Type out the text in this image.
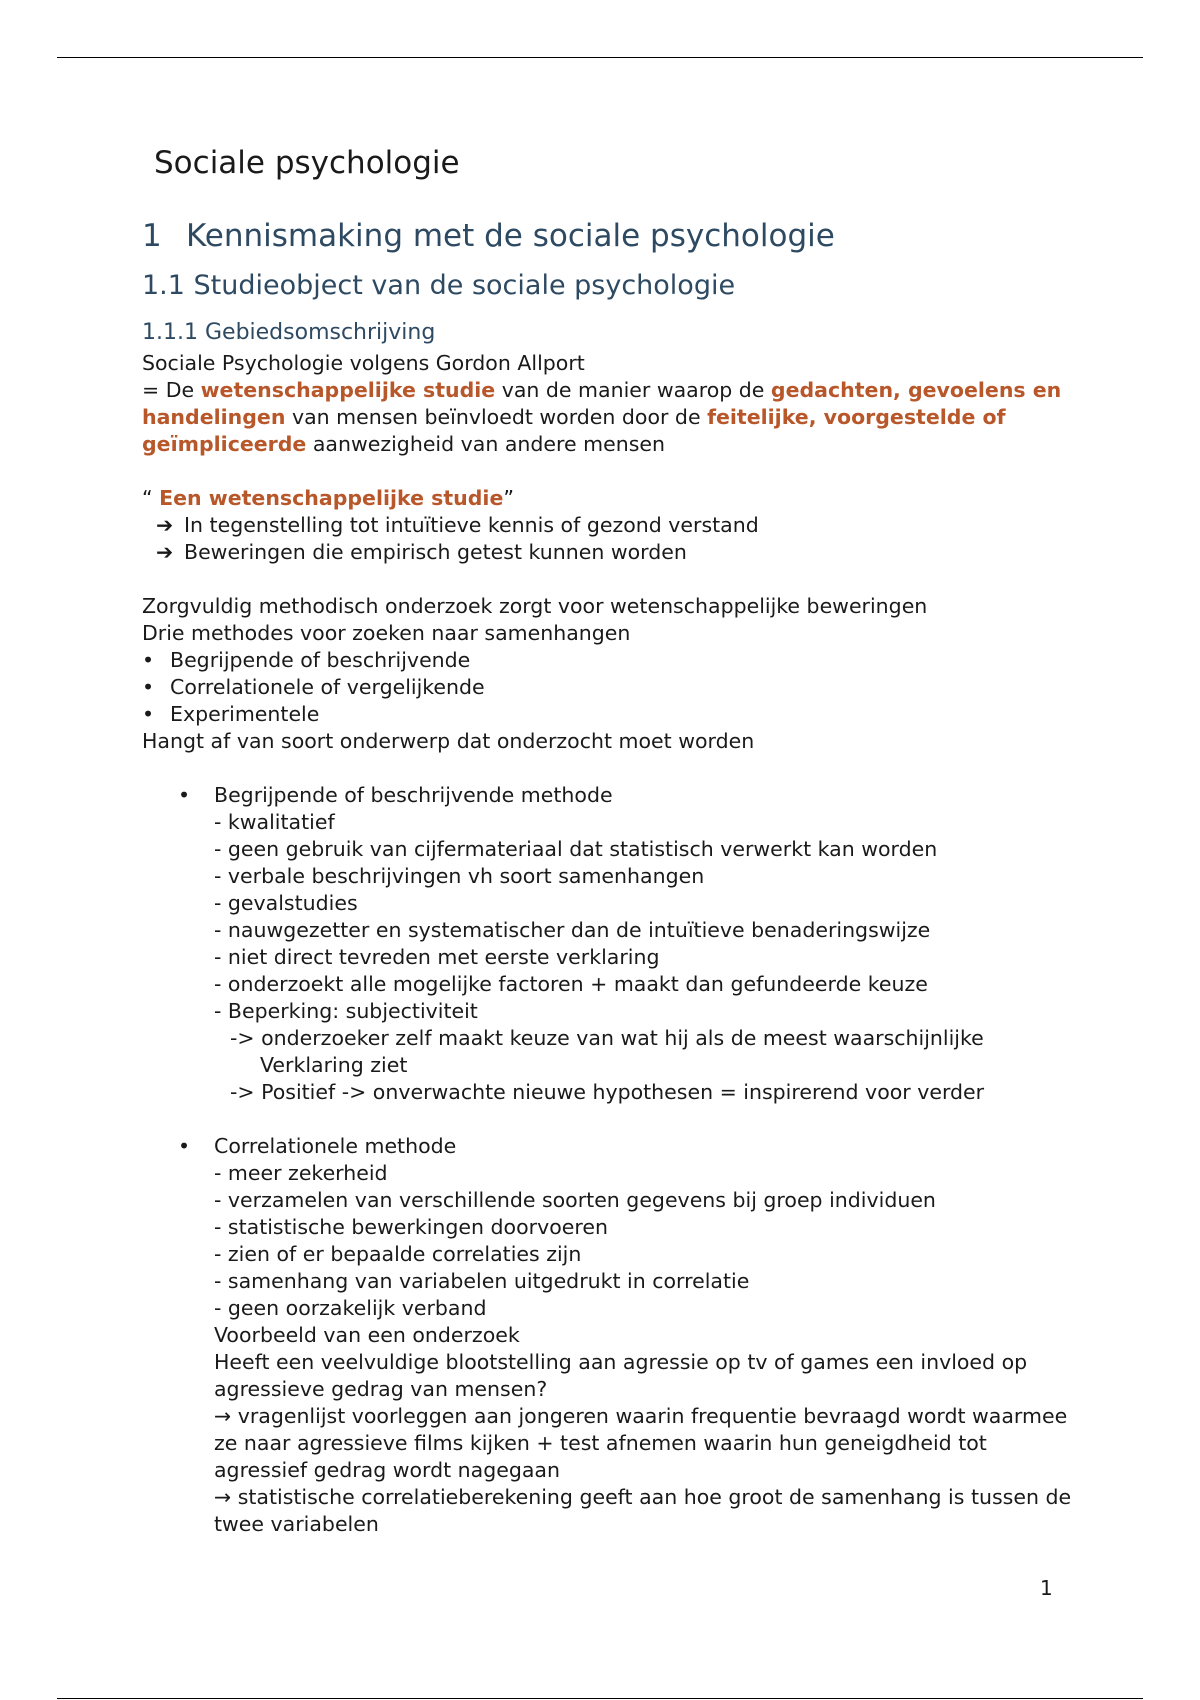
Sociale psychologie
1 Kennismaking met de sociale psychologie
1.1 Studieobject van de sociale psychologie
1.1.1 Gebiedsomschrijving
Sociale Psychologie volgens Gordon Allport
= De wetenschappelijke studie van de manier waarop de gedachten, gevoelens en handelingen van mensen beïnvloedt worden door de feitelijke, voorgestelde of geïmpliceerde aanwezigheid van andere mensen
“ Een wetenschappelijke studie”
➔ In tegenstelling tot intuïtieve kennis of gezond verstand
➔ Beweringen die empirisch getest kunnen worden
Zorgvuldig methodisch onderzoek zorgt voor wetenschappelijke beweringen
Drie methodes voor zoeken naar samenhangen
• Begrijpende of beschrijvende
• Correlationele of vergelijkende
• Experimentele
Hangt af van soort onderwerp dat onderzocht moet worden
• Begrijpende of beschrijvende methode
- kwalitatief
- geen gebruik van cijfermateriaal dat statistisch verwerkt kan worden
- verbale beschrijvingen vh soort samenhangen
- gevalstudies
- nauwgezetter en systematischer dan de intuïtieve benaderingswijze
- niet direct tevreden met eerste verklaring
- onderzoekt alle mogelijke factoren + maakt dan gefundeerde keuze
- Beperking: subjectiviteit
-> onderzoeker zelf maakt keuze van wat hij als de meest waarschijnlijke
Verklaring ziet
-> Positief -> onverwachte nieuwe hypothesen = inspirerend voor verder
• Correlationele methode
- meer zekerheid
- verzamelen van verschillende soorten gegevens bij groep individuen
- statistische bewerkingen doorvoeren
- zien of er bepaalde correlaties zijn
- samenhang van variabelen uitgedrukt in correlatie
- geen oorzakelijk verband
Voorbeeld van een onderzoek
Heeft een veelvuldige blootstelling aan agressie op tv of games een invloed op agressieve gedrag van mensen?
→ vragenlijst voorleggen aan jongeren waarin frequentie bevraagd wordt waarmee ze naar agressieve films kijken + test afnemen waarin hun geneigdheid tot agressief gedrag wordt nagegaan
→ statistische correlatieberekening geeft aan hoe groot de samenhang is tussen de twee variabelen
1
